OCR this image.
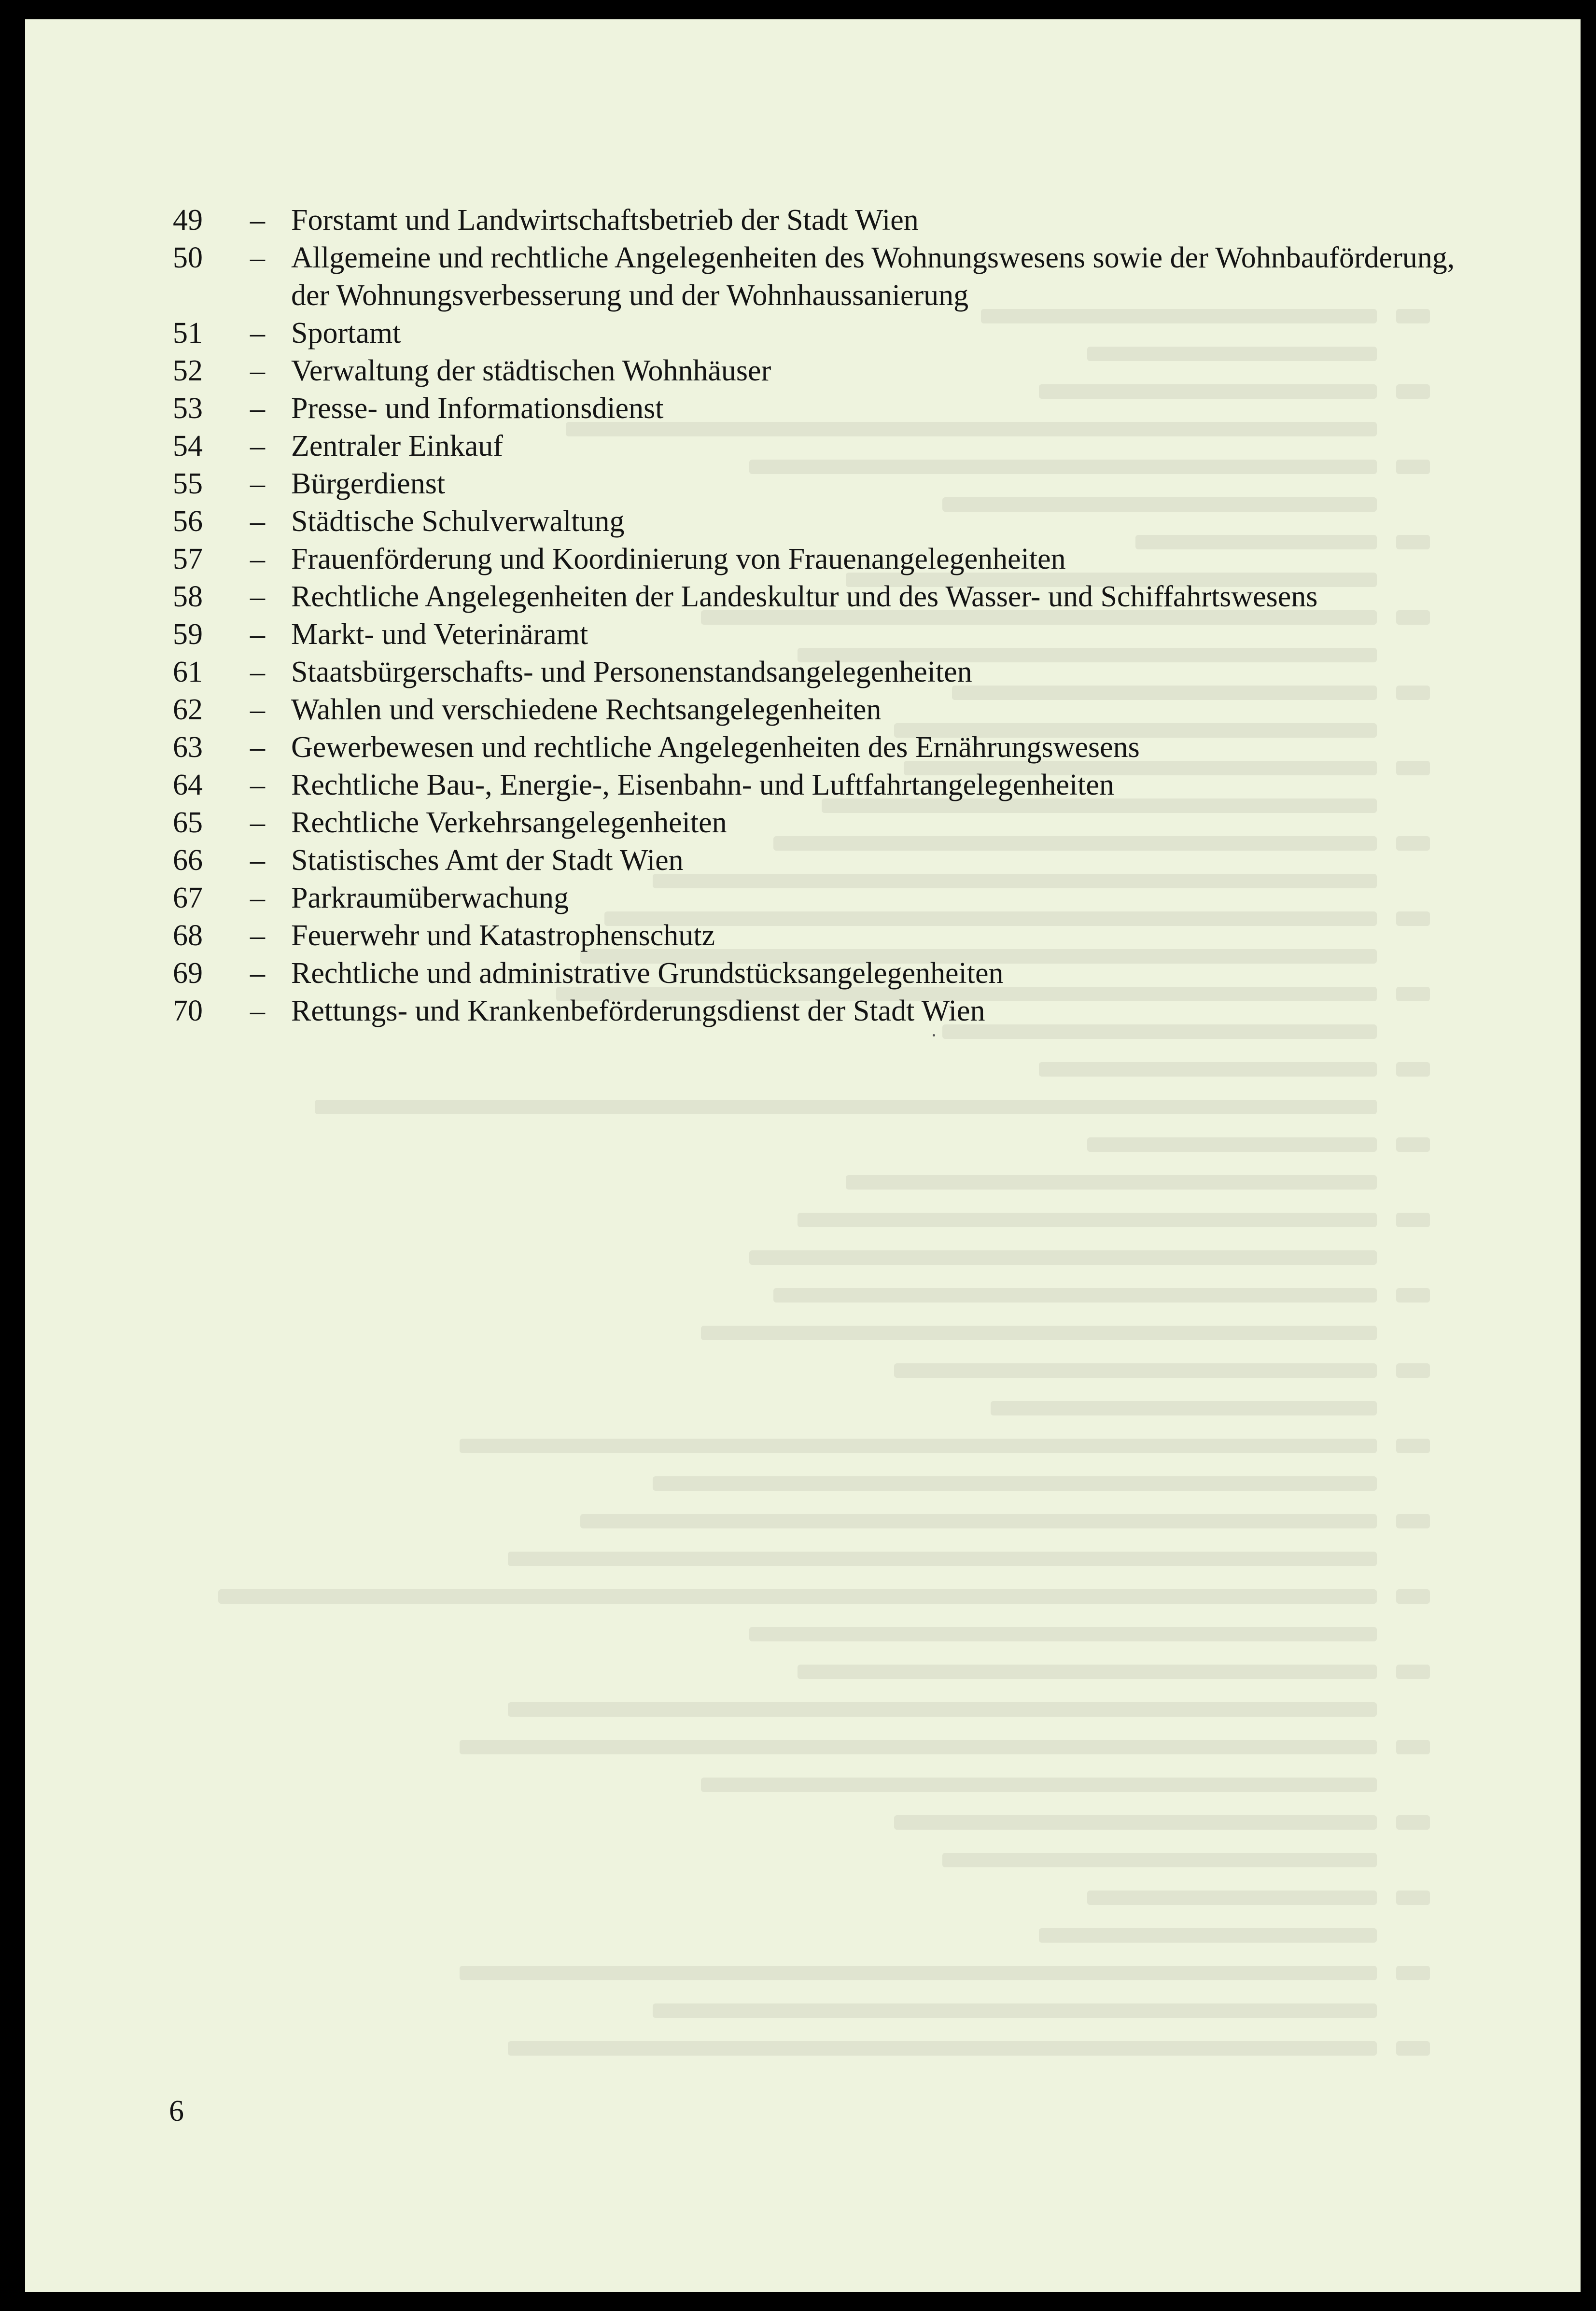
49	– Forstamt und Landwirtschaftsbetrieb der Stadt Wien
50	– Allgemeine und rechtliche Angelegenheiten des Wohnungswesens sowie der Wohnbauförderung, der Wohnungsverbesserung und der Wohnhaussanierung
51	– Sportamt
52	– Verwaltung der städtischen Wohnhäuser
53	– Presse- und Informationsdienst
54	– Zentraler Einkauf
55	– Bürgerdienst
56	– Städtische Schulverwaltung
57	– Frauenförderung und Koordinierung von Frauenangelegenheiten
58	– Rechtliche Angelegenheiten der Landeskultur und des Wasser- und Schiffahrtswesens
59	– Markt- und Veterinäramt
61	– Staatsbürgerschafts- und Personenstandsangelegenheiten
62	– Wahlen und verschiedene Rechtsangelegenheiten
63	– Gewerbewesen und rechtliche Angelegenheiten des Ernährungswesens
64	– Rechtliche Bau-, Energie-, Eisenbahn- und Luftfahrtangelegenheiten
65	– Rechtliche Verkehrsangelegenheiten
66	– Statistisches Amt der Stadt Wien
67	– Parkraumüberwachung
68	– Feuerwehr und Katastrophenschutz
69	– Rechtliche und administrative Grundstücksangelegenheiten
70	– Rettungs- und Krankenbeförderungsdienst der Stadt Wien
6
